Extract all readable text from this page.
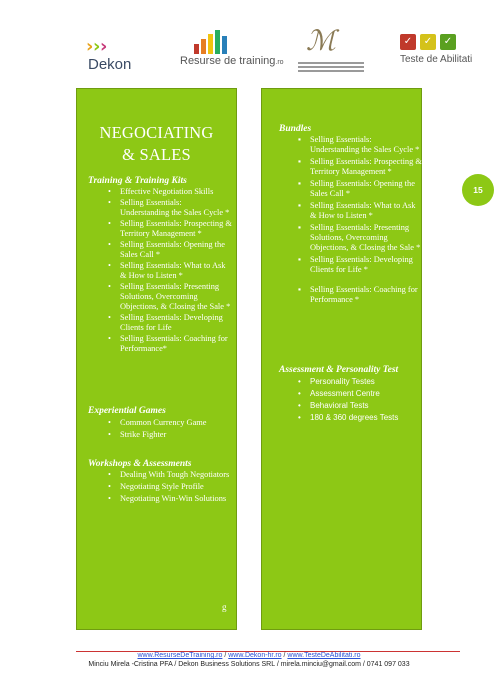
› › ›
Dekon	Resurse de training.ro
ℳ	✓	✓	✓
Teste de Abilitati
NEGOCIATING
& SALES
Training & Training Kits
• Effective Negotiation Skills
• Selling Essentials: Understanding the Sales Cycle *
• Selling Essentials: Prospecting & Territory Management *
• Selling Essentials: Opening the Sales Call *
• Selling Essentials: What to Ask & How to Listen *
• Selling Essentials: Presenting Solutions, Overcoming Objections, & Closing the Sale *
• Selling Essentials: Developing Clients for Life
• Selling Essentials: Coaching for Performance*
Experiential Games
• Common Currency Game
• Strike Fighter
Workshops & Assessments
• Dealing With Tough Negotiators
• Negotiating Style Profile
• Negotiating Win-Win Solutions
g
Bundles
▪ Selling Essentials: Understanding the Sales Cycle *
▪ Selling Essentials: Prospecting & Territory Management *
▪ Selling Essentials: Opening the Sales Call *
▪ Selling Essentials: What to Ask & How to Listen *
▪ Selling Essentials: Presenting Solutions, Overcoming Objections, & Closing the Sale *
▪ Selling Essentials: Developing Clients for Life *
▪ Selling Essentials: Coaching for Performance *
Assessment & Personality Test
• Personality Testes
• Assessment Centre
• Behavioral Tests
• 180 & 360 degrees Tests
15
www.ResurseDeTraining.ro / www.Dekon-hr.ro / www.TesteDeAbilitati.ro
Minciu Mirela -Cristina PFA / Dekon Business Solutions SRL / mirela.minciu@gmail.com / 0741 097 033
